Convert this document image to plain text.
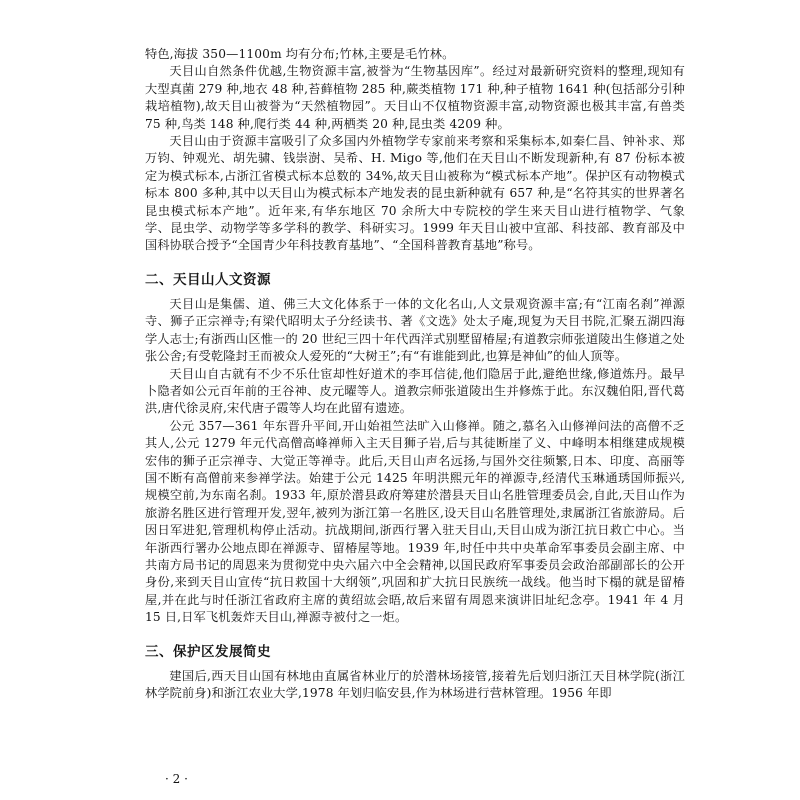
特色,海拔 350—1100m 均有分布;竹林,主要是毛竹林。

天目山自然条件优越,生物资源丰富,被誉为“生物基因库”。经过对最新研究资料的整理,现知有大型真菌 279 种,地衣 48 种,苔藓植物 285 种,蕨类植物 171 种,种子植物 1641 种(包括部分引种栽培植物),故天目山被誉为“天然植物园”。天目山不仅植物资源丰富,动物资源也极其丰富,有兽类 75 种,鸟类 148 种,爬行类 44 种,两栖类 20 种,昆虫类 4209 种。

天目山由于资源丰富吸引了众多国内外植物学专家前来考察和采集标本,如秦仁昌、钟补求、郑万钧、钟观光、胡先骕、钱崇澍、吴希、H. Migo 等,他们在天目山不断发现新种,有 87 份标本被定为模式标本,占浙江省模式标本总数的 34%,故天目山被称为“模式标本产地”。保护区有动物模式标本 800 多种,其中以天目山为模式标本产地发表的昆虫新种就有 657 种,是“名符其实的世界著名昆虫模式标本产地”。近年来,有华东地区 70 余所大中专院校的学生来天目山进行植物学、气象学、昆虫学、动物学等多学科的教学、科研实习。1999 年天目山被中宣部、科技部、教育部及中国科协联合授予“全国青少年科技教育基地”、“全国科普教育基地”称号。

二、天目山人文资源

天目山是集儒、道、佛三大文化体系于一体的文化名山,人文景观资源丰富;有“江南名刹”禅源寺、狮子正宗禅寺;有梁代昭明太子分经读书、著《文选》处太子庵,现复为天目书院,汇聚五湖四海学人志士;有浙西山区惟一的 20 世纪三四十年代西洋式别墅留椿屋;有道教宗师张道陵出生修道之处张公舍;有受乾隆封王而被众人爱死的“大树王”;有“有谁能到此,也算是神仙”的仙人顶等。

天目山自古就有不少不乐仕宦却性好道术的李耳信徒,他们隐居于此,避绝世缘,修道炼丹。最早卜隐者如公元百年前的王谷神、皮元曜等人。道教宗师张道陵出生并修炼于此。东汉魏伯阳,晋代葛洪,唐代徐灵府,宋代唐子霞等人均在此留有遗迹。

公元 357—361 年东晋升平间,开山始祖竺法旷入山修禅。随之,慕名入山修禅问法的高僧不乏其人,公元 1279 年元代高僧高峰禅师入主天目狮子岩,后与其徒断崖了义、中峰明本相继建成规模宏伟的狮子正宗禅寺、大觉正等禅寺。此后,天目山声名远扬,与国外交往频繁,日本、印度、高丽等国不断有高僧前来参禅学法。始建于公元 1425 年明洪熙元年的禅源寺,经清代玉琳通琇国师振兴,规模空前,为东南名刹。1933 年,原於潜县政府筹建於潜县天目山名胜管理委员会,自此,天目山作为旅游名胜区进行管理开发,翌年,被列为浙江第一名胜区,设天目山名胜管理处,隶属浙江省旅游局。后因日军进犯,管理机构停止活动。抗战期间,浙西行署入驻天目山,天目山成为浙江抗日救亡中心。当年浙西行署办公地点即在禅源寺、留椿屋等地。1939 年,时任中共中央革命军事委员会副主席、中共南方局书记的周恩来为贯彻党中央六届六中全会精神,以国民政府军事委员会政治部副部长的公开身份,来到天目山宣传“抗日救国十大纲领”,巩固和扩大抗日民族统一战线。他当时下榻的就是留椿屋,并在此与时任浙江省政府主席的黄绍竑会晤,故后来留有周恩来演讲旧址纪念亭。1941 年 4 月 15 日,日军飞机轰炸天目山,禅源寺被付之一炬。

三、保护区发展简史

建国后,西天目山国有林地由直属省林业厅的於潜林场接管,接着先后划归浙江天目林学院(浙江林学院前身)和浙江农业大学,1978 年划归临安县,作为林场进行营林管理。1956 年即

· 2 ·
